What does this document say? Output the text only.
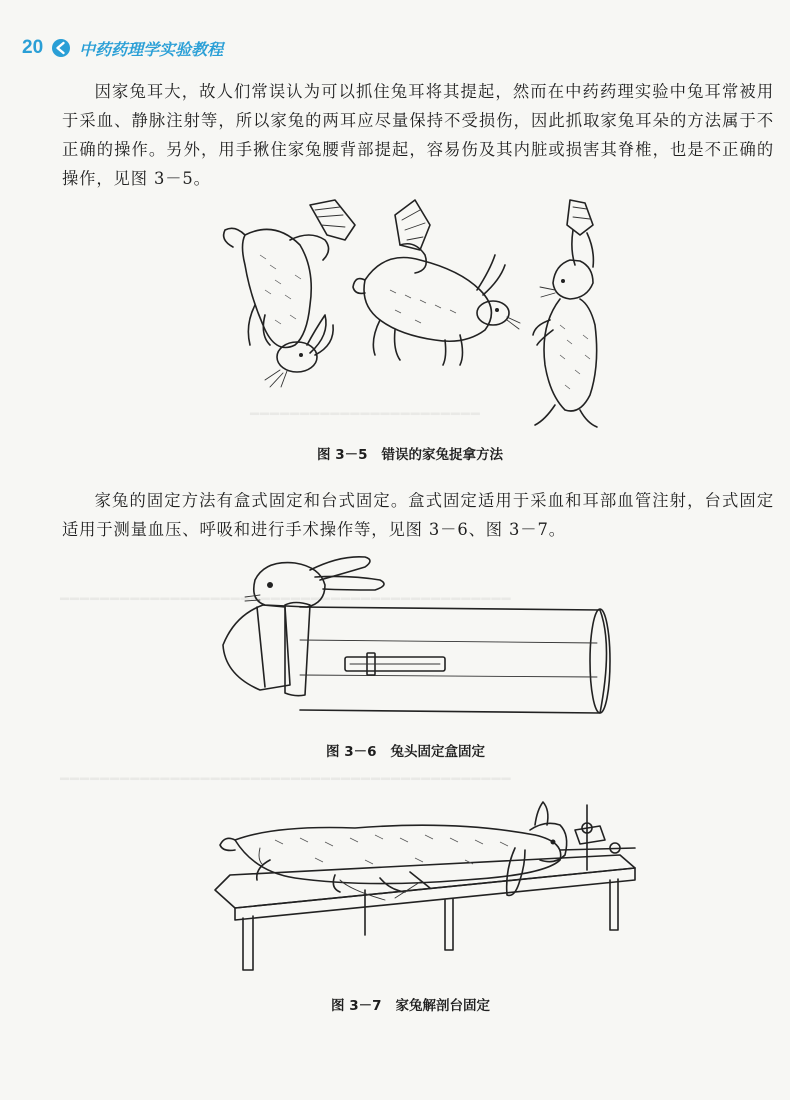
━━━━━━━━━━━━━━━━━━━━━━━
━━━━━━━━━━━━━━━━━━━━━━━━━━━━━━━━━━━━━━━━━━━━━
━━━━━━━━━━━━━━━━━━━━━━━━━━━━━━━━━━━━━━━━━━━━━
20 中药药理学实验教程

因家兔耳大，故人们常误认为可以抓住兔耳将其提起，然而在中药药理实验中兔耳常被用于采血、静脉注射等，所以家兔的两耳应尽量保持不受损伤，因此抓取家兔耳朵的方法属于不正确的操作。另外，用手揪住家兔腰背部提起，容易伤及其内脏或损害其脊椎，也是不正确的操作，见图 3－5。

图 3－5 错误的家兔捉拿方法

家兔的固定方法有盒式固定和台式固定。盒式固定适用于采血和耳部血管注射，台式固定适用于测量血压、呼吸和进行手术操作等，见图 3－6、图 3－7。

图 3－6 兔头固定盒固定
图 3－7 家兔解剖台固定
